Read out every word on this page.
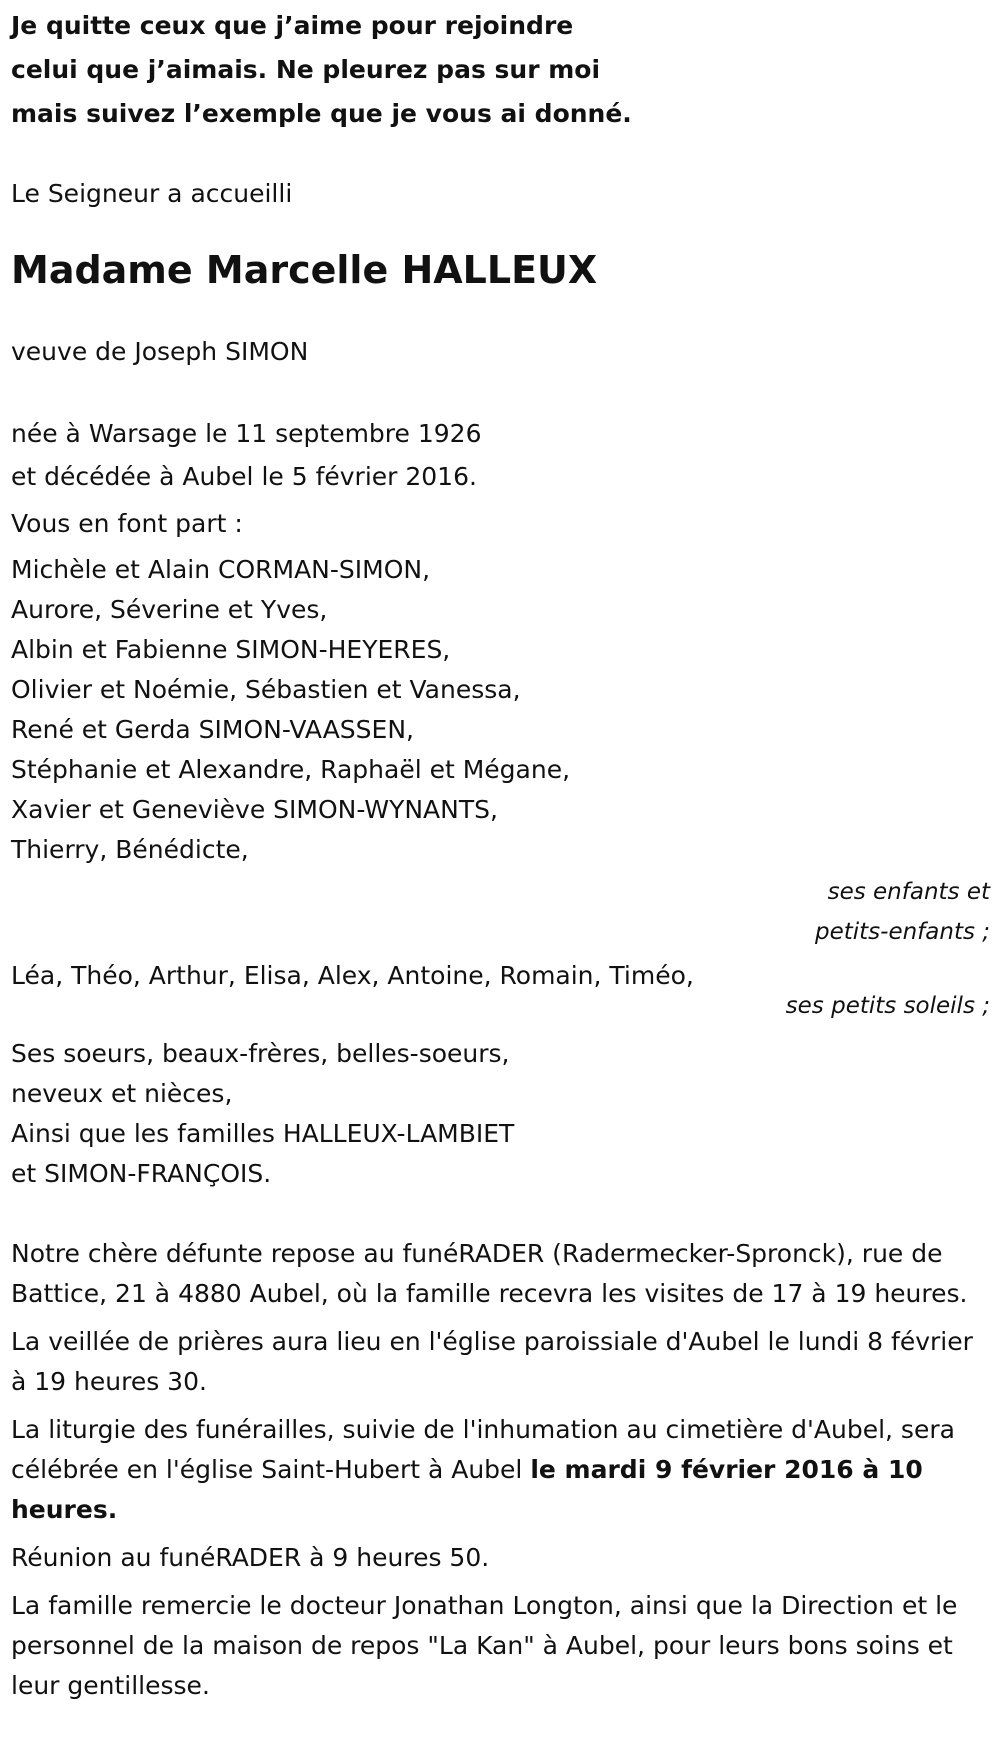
Je quitte ceux que j’aime pour rejoindre
celui que j’aimais. Ne pleurez pas sur moi
mais suivez l’exemple que je vous ai donné.
Le Seigneur a accueilli
Madame Marcelle HALLEUX
veuve de Joseph SIMON
née à Warsage le 11 septembre 1926
et décédée à Aubel le 5 février 2016.
Vous en font part :
Michèle et Alain CORMAN-SIMON,
Aurore, Séverine et Yves,
Albin et Fabienne SIMON-HEYERES,
Olivier et Noémie, Sébastien et Vanessa,
René et Gerda SIMON-VAASSEN,
Stéphanie et Alexandre, Raphaël et Mégane,
Xavier et Geneviève SIMON-WYNANTS,
Thierry, Bénédicte,
ses enfants et
petits-enfants ;
Léa, Théo, Arthur, Elisa, Alex, Antoine, Romain, Timéo,
ses petits soleils ;
Ses soeurs, beaux-frères, belles-soeurs,
neveux et nièces,
Ainsi que les familles HALLEUX-LAMBIET
et SIMON-FRANÇOIS.
Notre chère défunte repose au funéRADER (Radermecker-Spronck), rue de Battice, 21 à 4880 Aubel, où la famille recevra les visites de 17 à 19 heures.
La veillée de prières aura lieu en l'église paroissiale d'Aubel le lundi 8 février à 19 heures 30.
La liturgie des funérailles, suivie de l'inhumation au cimetière d'Aubel, sera célébrée en l'église Saint-Hubert à Aubel le mardi 9 février 2016 à 10 heures.
Réunion au funéRADER à 9 heures 50.
La famille remercie le docteur Jonathan Longton, ainsi que la Direction et le personnel de la maison de repos "La Kan" à Aubel, pour leurs bons soins et leur gentillesse.
